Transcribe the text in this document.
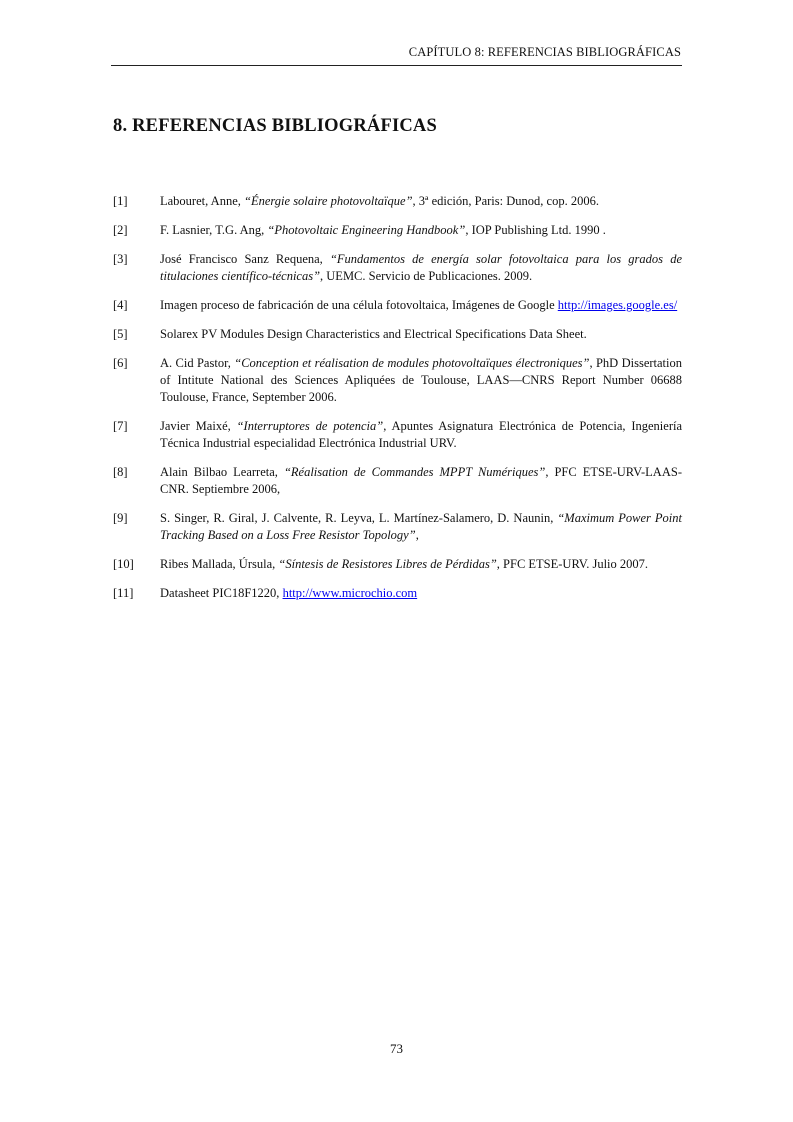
CAPÍTULO 8: REFERENCIAS BIBLIOGRÁFICAS
8. REFERENCIAS BIBLIOGRÁFICAS
[1]	Labouret, Anne, “Énergie solaire photovoltaïque”, 3ª edición, Paris: Dunod, cop. 2006.
[2]	F. Lasnier, T.G. Ang, “Photovoltaic Engineering Handbook”, IOP Publishing Ltd. 1990 .
[3]	José Francisco Sanz Requena, “Fundamentos de energía solar fotovoltaica para los grados de titulaciones científico-técnicas”, UEMC. Servicio de Publicaciones. 2009.
[4]	Imagen proceso de fabricación de una célula fotovoltaica, Imágenes de Google http://images.google.es/
[5]	Solarex PV Modules Design Characteristics and Electrical Specifications Data Sheet.
[6]	A. Cid Pastor, “Conception et réalisation de modules photovoltaïques électroniques”, PhD Dissertation of Intitute National des Sciences Apliquées de Toulouse, LAAS—CNRS Report Number 06688 Toulouse, France, September 2006.
[7]	Javier Maixé, “Interruptores de potencia”, Apuntes Asignatura Electrónica de Potencia, Ingeniería Técnica Industrial especialidad Electrónica Industrial URV.
[8]	Alain Bilbao Learreta, “Réalisation de Commandes MPPT Numériques”, PFC ETSE-URV-LAAS-CNR. Septiembre 2006,
[9]	S. Singer, R. Giral, J. Calvente, R. Leyva, L. Martínez-Salamero, D. Naunin, “Maximum Power Point Tracking Based on a Loss Free Resistor Topology”,
[10]	Ribes Mallada, Úrsula, “Síntesis de Resistores Libres de Pérdidas”, PFC ETSE-URV. Julio 2007.
[11]	Datasheet PIC18F1220, http://www.microchio.com
73
